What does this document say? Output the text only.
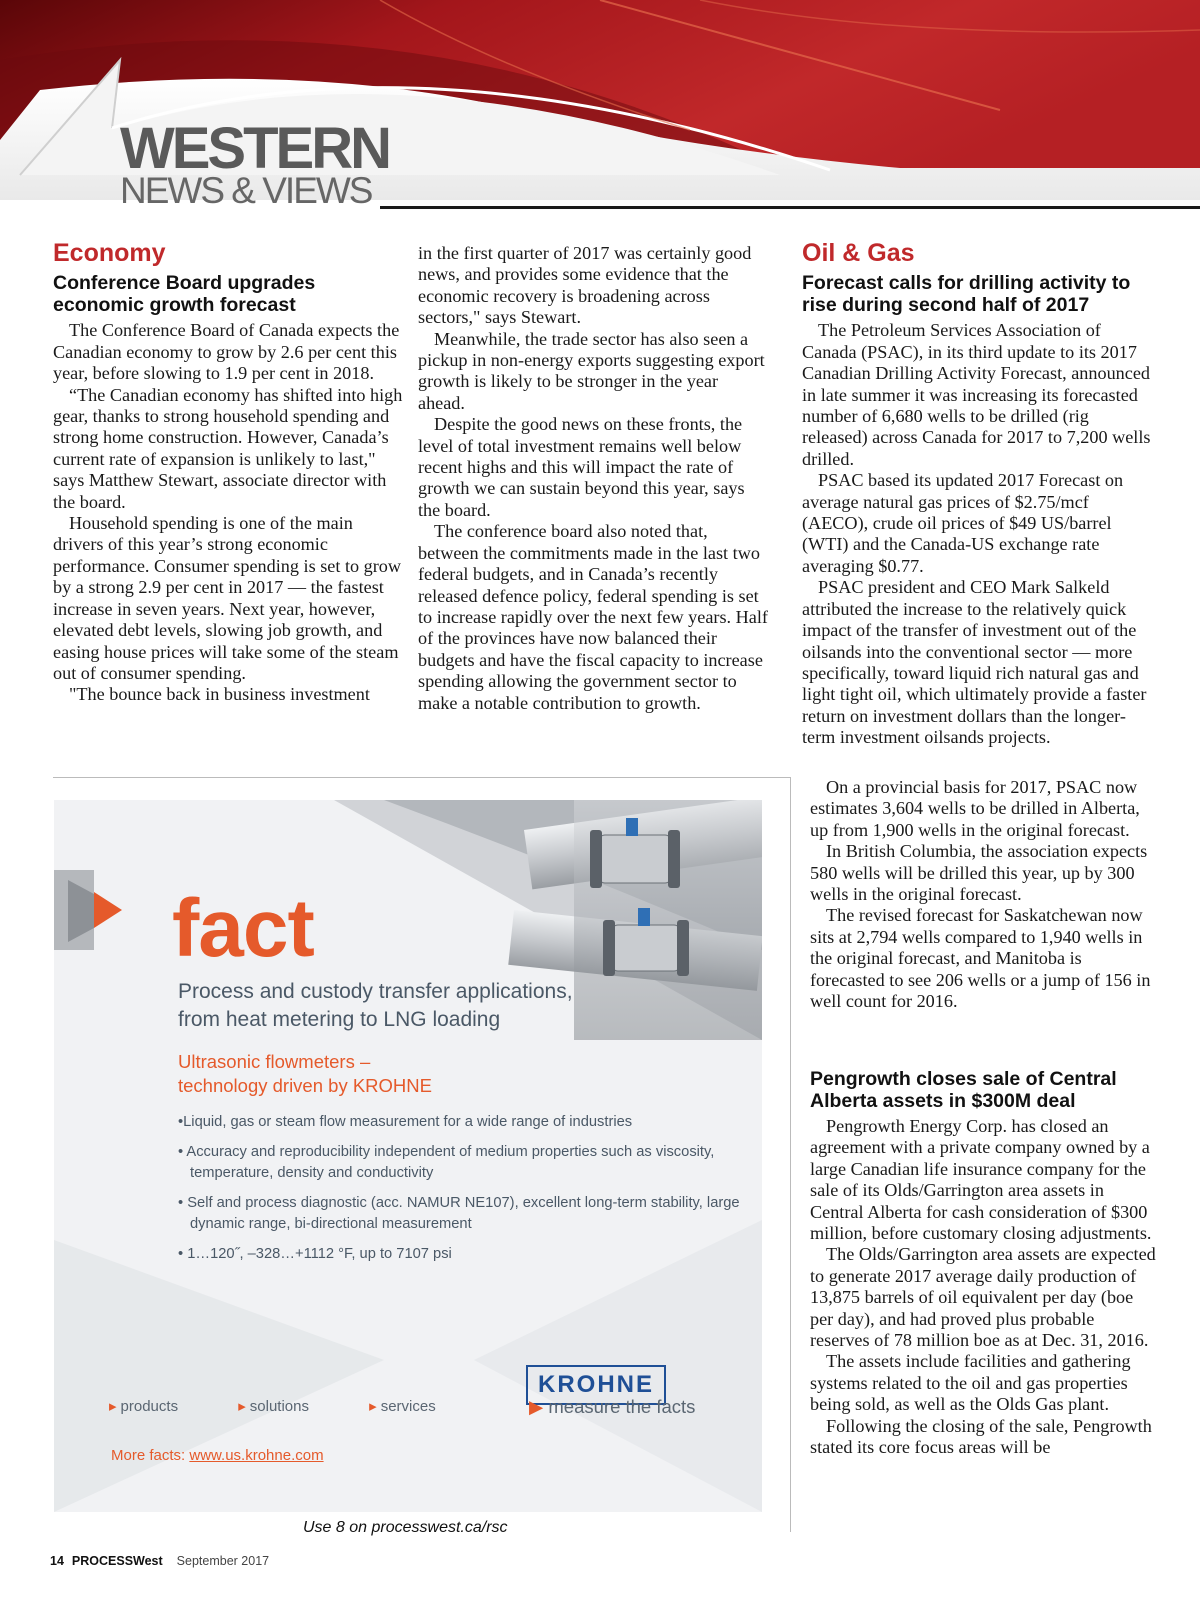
WESTERN
NEWS & VIEWS
Economy
Conference Board upgrades economic growth forecast

The Conference Board of Canada expects the Canadian economy to grow by 2.6 per cent this year, before slowing to 1.9 per cent in 2018.

“The Canadian economy has shifted into high gear, thanks to strong household spending and strong home construction. However, Canada’s current rate of expansion is unlikely to last," says Matthew Stewart, associate director with the board.

Household spending is one of the main drivers of this year’s strong economic performance. Consumer spending is set to grow by a strong 2.9 per cent in 2017 — the fastest increase in seven years. Next year, however, elevated debt levels, slowing job growth, and easing house prices will take some of the steam out of consumer spending.

"The bounce back in business investment

in the first quarter of 2017 was certainly good news, and provides some evidence that the economic recovery is broadening across sectors," says Stewart.

Meanwhile, the trade sector has also seen a pickup in non-energy exports suggesting export growth is likely to be stronger in the year ahead.

Despite the good news on these fronts, the level of total investment remains well below recent highs and this will impact the rate of growth we can sustain beyond this year, says the board.

The conference board also noted that, between the commitments made in the last two federal budgets, and in Canada’s recently released defence policy, federal spending is set to increase rapidly over the next few years. Half of the provinces have now balanced their budgets and have the fiscal capacity to increase spending allowing the government sector to make a notable contribution to growth.

Oil & Gas
Forecast calls for drilling activity to rise during second half of 2017

The Petroleum Services Association of Canada (PSAC), in its third update to its 2017 Canadian Drilling Activity Forecast, announced in late summer it was increasing its forecasted number of 6,680 wells to be drilled (rig released) across Canada for 2017 to 7,200 wells drilled.

PSAC based its updated 2017 Forecast on average natural gas prices of $2.75/mcf (AECO), crude oil prices of $49 US/barrel (WTI) and the Canada-US exchange rate averaging $0.77.

PSAC president and CEO Mark Salkeld attributed the increase to the relatively quick impact of the transfer of investment out of the oilsands into the conventional sector — more specifically, toward liquid rich natural gas and light tight oil, which ultimately provide a faster return on investment dollars than the longer-term investment oilsands projects.

On a provincial basis for 2017, PSAC now estimates 3,604 wells to be drilled in Alberta, up from 1,900 wells in the original forecast.

In British Columbia, the association expects 580 wells will be drilled this year, up by 300 wells in the original forecast.

The revised forecast for Saskatchewan now sits at 2,794 wells compared to 1,940 wells in the original forecast, and Manitoba is forecasted to see 206 wells or a jump of 156 in well count for 2016.

Pengrowth closes sale of Central Alberta assets in $300M deal

Pengrowth Energy Corp. has closed an agreement with a private company owned by a large Canadian life insurance company for the sale of its Olds/Garrington area assets in Central Alberta for cash consideration of $300 million, before customary closing adjustments.

The Olds/Garrington area assets are expected to generate 2017 average daily production of 13,875 barrels of oil equivalent per day (boe per day), and had proved plus probable reserves of 78 million boe as at Dec. 31, 2016.

The assets include facilities and gathering systems related to the oil and gas properties being sold, as well as the Olds Gas plant.

Following the closing of the sale, Pengrowth stated its core focus areas will be

fact
Process and custody transfer applications,
from heat metering to LNG loading
Ultrasonic flowmeters –
technology driven by KROHNE
•Liquid, gas or steam flow measurement for a wide range of industries
• Accuracy and reproducibility independent of medium properties such as viscosity, temperature, density and conductivity
• Self and process diagnostic (acc. NAMUR NE107), excellent long-term stability, large dynamic range, bi-directional measurement
• 1…120˝, –328…+1112 °F, up to 7107 psi
▸ products	▸ solutions	▸ services
More facts: www.us.krohne.com
KROHNE
▶ measure the facts
Use 8 on processwest.ca/rsc
14 PROCESSWest September 2017
